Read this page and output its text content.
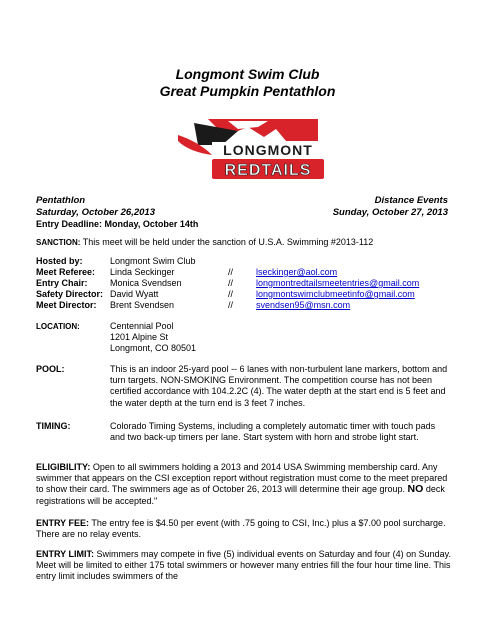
Longmont Swim Club
Great Pumpkin Pentathlon
LONGMONT
REDTAILS
Pentathlon
Saturday, October 26,2013
Distance Events
Sunday, October 27, 2013
Entry Deadline: Monday, October 14th
SANCTION: This meet will be held under the sanction of U.S.A. Swimming #2013-112
Hosted by:	Longmont Swim Club
Meet Referee: Linda Seckinger	//	lseckinger@aol.com
Entry Chair: Monica Svendsen	//	longmontredtailsmeetentries@gmail.com
Safety Director: David Wyatt	//	longmontswimclubmeetinfo@gmail.com
Meet Director: Brent Svendsen	//	svendsen95@msn.com
LOCATION:	Centennial Pool
1201 Alpine St
Longmont, CO 80501
POOL:	This is an indoor 25-yard pool -- 6 lanes with non-turbulent lane markers, bottom and turn targets. NON-SMOKING Environment. The competition course has not been certified accordance with 104.2.2C (4). The water depth at the start end is 5 feet and the water depth at the turn end is 3 feet 7 inches.
TIMING:	Colorado Timing Systems, including a completely automatic timer with touch pads and two back-up timers per lane. Start system with horn and strobe light start.
ELIGIBILITY: Open to all swimmers holding a 2013 and 2014 USA Swimming membership card. Any swimmer that appears on the CSI exception report without registration must come to the meet prepared to show their card. The swimmers age as of October 26, 2013 will determine their age group. NO deck registrations will be accepted."
ENTRY FEE: The entry fee is $4.50 per event (with .75 going to CSI, Inc.) plus a $7.00 pool surcharge. There are no relay events.
ENTRY LIMIT: Swimmers may compete in five (5) individual events on Saturday and four (4) on Sunday. Meet will be limited to either 175 total swimmers or however many entries fill the four hour time line. This entry limit includes swimmers of the
